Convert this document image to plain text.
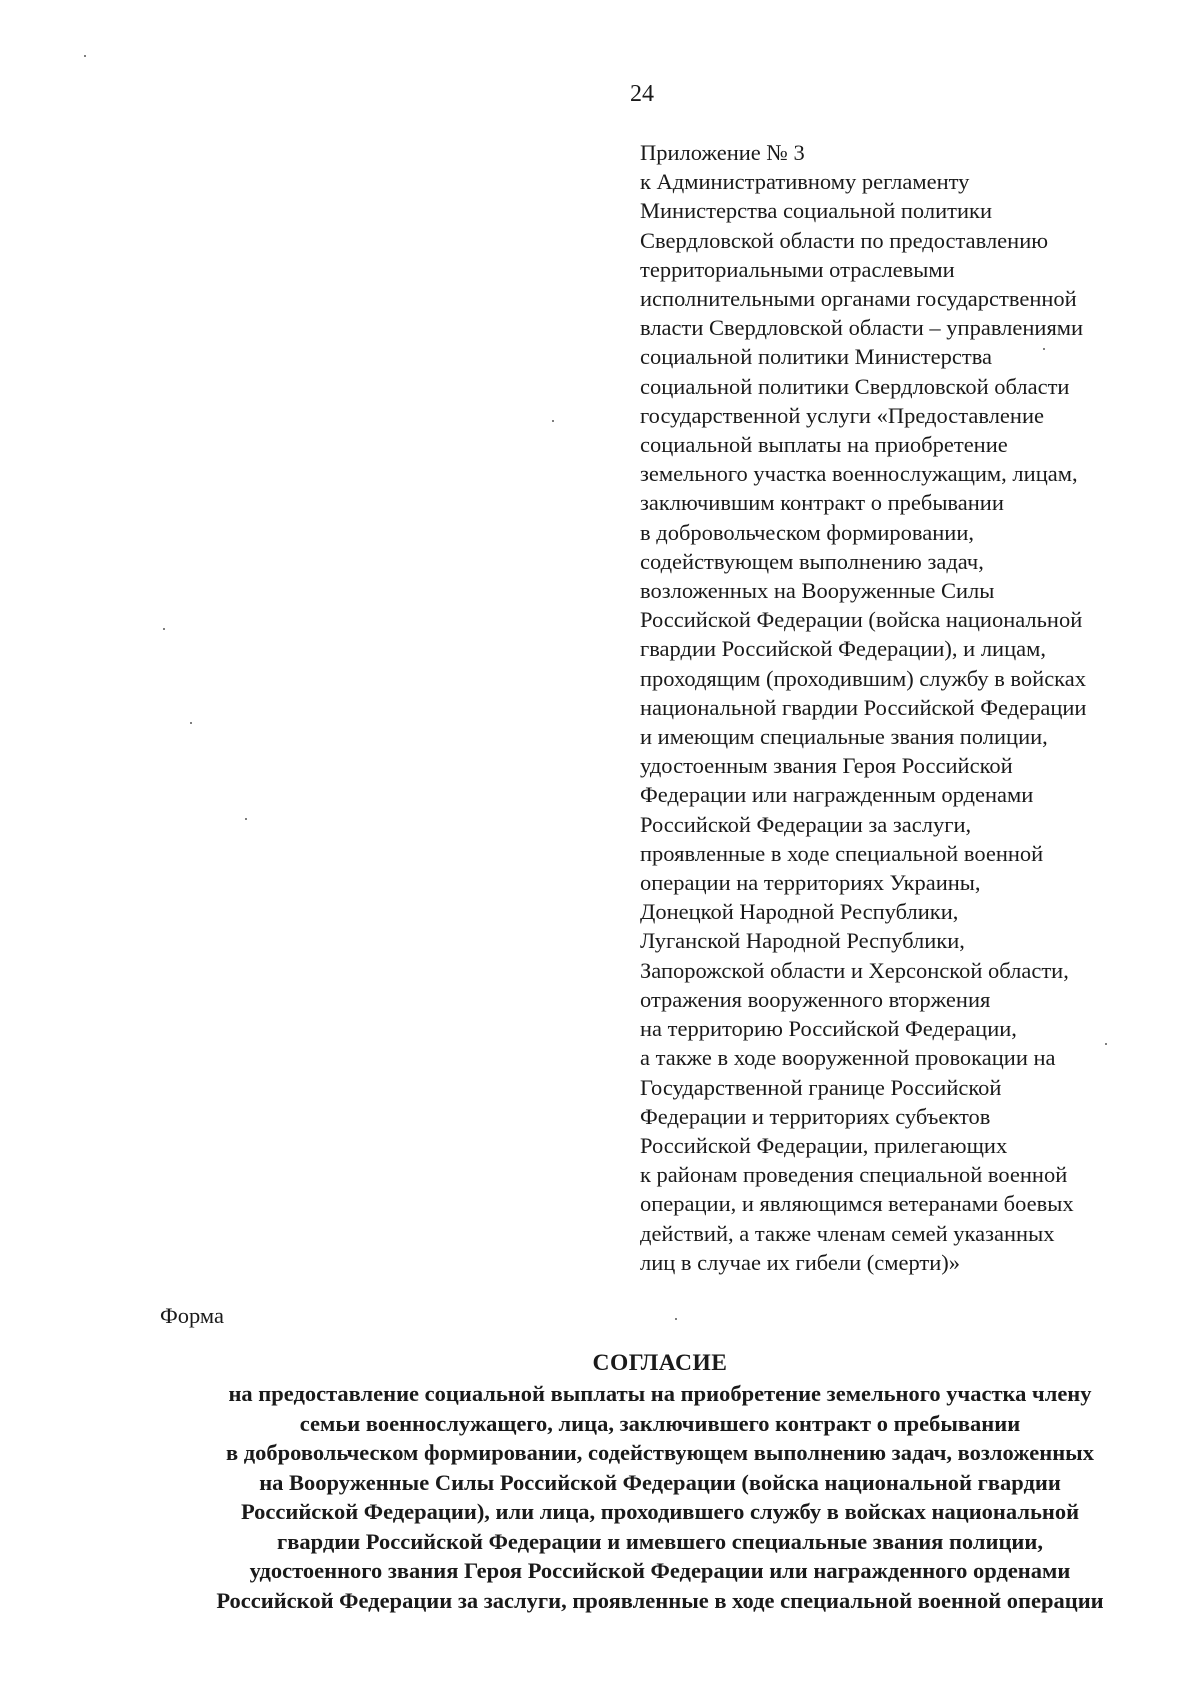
24
Приложение № 3
к Административному регламенту
Министерства социальной политики
Свердловской области по предоставлению
территориальными отраслевыми
исполнительными органами государственной
власти Свердловской области – управлениями
социальной политики Министерства
социальной политики Свердловской области
государственной услуги «Предоставление
социальной выплаты на приобретение
земельного участка военнослужащим, лицам,
заключившим контракт о пребывании
в добровольческом формировании,
содействующем выполнению задач,
возложенных на Вооруженные Силы
Российской Федерации (войска национальной
гвардии Российской Федерации), и лицам,
проходящим (проходившим) службу в войсках
национальной гвардии Российской Федерации
и имеющим специальные звания полиции,
удостоенным звания Героя Российской
Федерации или награжденным орденами
Российской Федерации за заслуги,
проявленные в ходе специальной военной
операции на территориях Украины,
Донецкой Народной Республики,
Луганской Народной Республики,
Запорожской области и Херсонской области,
отражения вооруженного вторжения
на территорию Российской Федерации,
а также в ходе вооруженной провокации на
Государственной границе Российской
Федерации и территориях субъектов
Российской Федерации, прилегающих
к районам проведения специальной военной
операции, и являющимся ветеранами боевых
действий, а также членам семей указанных
лиц в случае их гибели (смерти)»
Форма
СОГЛАСИЕ
на предоставление социальной выплаты на приобретение земельного участка члену
семьи военнослужащего, лица, заключившего контракт о пребывании
в добровольческом формировании, содействующем выполнению задач, возложенных
на Вооруженные Силы Российской Федерации (войска национальной гвардии
Российской Федерации), или лица, проходившего службу в войсках национальной
гвардии Российской Федерации и имевшего специальные звания полиции,
удостоенного звания Героя Российской Федерации или награжденного орденами
Российской Федерации за заслуги, проявленные в ходе специальной военной операции
